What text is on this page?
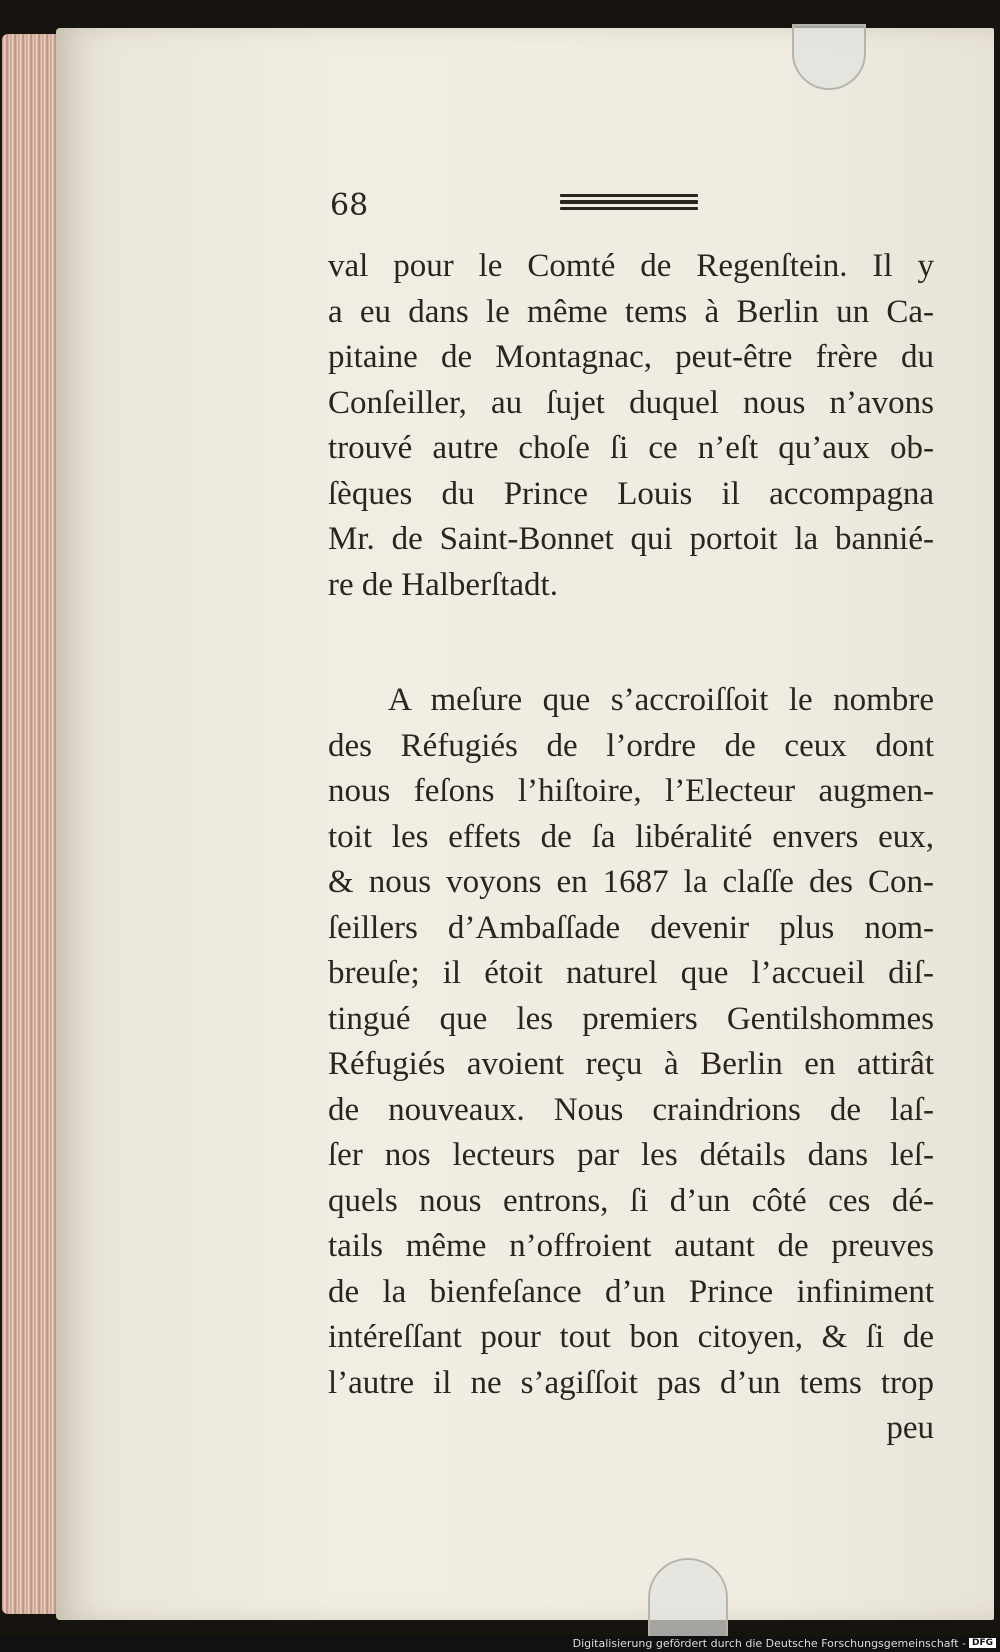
68
val pour le Comté de Regenſtein. Il y
a eu dans le même tems à Berlin un Ca-
pitaine de Montagnac, peut-être frère du
Conſeiller, au ſujet duquel nous n’avons
trouvé autre choſe ſi ce n’eſt qu’aux ob-
ſèques du Prince Louis il accompagna
Mr. de Saint-Bonnet qui portoit la bannié-
re de Halberſtadt.
A meſure que s’accroiſſoit le nombre
des Réfugiés de l’ordre de ceux dont
nous feſons l’hiſtoire, l’Electeur augmen-
toit les effets de ſa libéralité envers eux,
& nous voyons en 1687 la claſſe des Con-
ſeillers d’Ambaſſade devenir plus nom-
breuſe; il étoit naturel que l’accueil diſ-
tingué que les premiers Gentilshommes
Réfugiés avoient reçu à Berlin en attirât
de nouveaux. Nous craindrions de laſ-
ſer nos lecteurs par les détails dans leſ-
quels nous entrons, ſi d’un côté ces dé-
tails même n’offroient autant de preuves
de la bienfeſance d’un Prince infiniment
intéreſſant pour tout bon citoyen, & ſi de
l’autre il ne s’agiſſoit pas d’un tems trop
peu
Digitalisierung gefördert durch die Deutsche Forschungsgemeinschaft - DFG
